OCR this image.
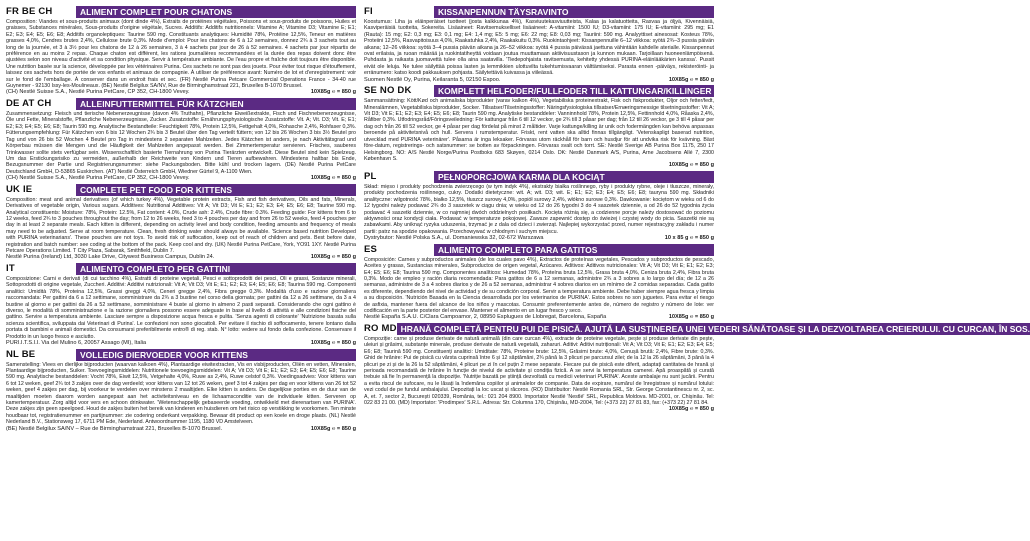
FR BE CH	ALIMENT COMPLET POUR CHATONS
Composition: Viandes et sous-produits animaux (dont dinde 4%), Extraits de protéines végétales, Poissons et sous-produits de poissons, Huiles et graisses, Substances minérales, Sous-produits d'origine végétale, Sucres. Additifs: Additifs nutritionnels: Vitamine A; Vitamine D3; Vitamine E; E1; E2; E3; E4; E5; E6; E8; Additifs organoleptiques: Taurine 590 mg. Constituants analytiques: Humidité 78%, Protéine 12,5%, Teneur en matières grasses 4,0%, Cendres brutes 2,4%, Cellulose brute 0,3%. Mode d'emploi: Pour les chatons de 6 à 12 semaines, donnez 2¾ à 3 sachets tout au long de la journée, et 3 à 3½ pour les chatons de 12 à 26 semaines, 3 à 4 sachets par jour de 26 à 52 semaines. 4 sachets par jour répartis de préférence en au moins 2 repas. Chaque chaton est différent, les rations journalières recommandées et la durée des repas doivent donc être ajustées selon son niveau d'activité et sa condition physique. Servir à température ambiante. De l'eau propre et fraîche doit toujours être disponible. Une nutrition basée sur la science, développée par les vétérinaires Purina. Ces sachets ne sont pas des jouets. Pour éviter tout risque d'étouffement, laissez ces sachets hors de portée de vos enfants et animaux de compagnie. À utiliser de préférence avant: Numéro de lot et d'enregistrement: voir sur le fond de l'emballage. À conserver dans un endroit frais et sec. (FR) Nestlé Purina Petcare Commercial Operations France - 34-40 rue Guynemer - 92130 Issy-les-Moulineaux. (BE) Nestlé Belgilux SA/NV, Rue de Birminghamstraat 221, Bruxelles B-1070 Brussel.
(CH) Nestlé Suisse S.A., Nestlé Purina PetCare, CP 352, CH-1800 Vevey.	10X85g ℮ = 850 g
DE AT CH	ALLEINFUTTERMITTEL FÜR KÄTZCHEN
Zusammensetzung: Fleisch und tierische Nebenerzeugnisse (davon 4% Truthahn), Pflanzliche Eiweißextrakte, Fisch und Fischnebenerzeugnisse, Öle und Fette, Mineralstoffe, Pflanzliche Nebenerzeugnisse, Zucker. Zusatzstoffe: Ernährungsphysiologische Zusatzstoffe: Vit. A; Vit. D3; Vit. E; E1; E2; E3; E4; E5; E6; E8; Taurin 590 mg. Analytische Bestandteile: Feuchtigkeit 78%, Protein 12,5%, Fettgehalt 4,0%, Rohasche 2,4%, Rohfaser 0,3%. Fütterungsempfehlung: Für Kätzchen von 6 bis 12 Wochen 2¾ bis 3 Beutel über den Tag verteilt füttern; von 12 bis 26 Wochen 3 bis 3½ Beutel pro Tag und von 26 bis 52 Wochen 4 Beutel pro Tag in mindestens 2 separaten Mahlzeiten. Jedes Kätzchen ist anders, je nach Aktivitätsgrad und Körperbau müssen die Mengen und die Häufigkeit der Mahlzeiten angepasst werden. Bei Zimmertemperatur servieren. Frisches, sauberes Trinkwasser sollte stets verfügbar sein. Wissenschaftlich basierte Tiernahrung von Purina Tierärzten entwickelt. Diese Beutel sind kein Spielzeug. Um das Erstickungsrisiko zu vermeiden, außerhalb der Reichweite von Kindern und Tieren aufbewahren. Mindestens haltbar bis Ende, Bezugsnummer der Partie und Registrierungsnummer: siehe Packungsboden. Bitte kühl und trocken lagern. (DE) Nestlé Purina PetCare Deutschland GmbH, D-53865 Euskirchen. (AT) Nestlé Österreich GmbH, Wiedner Gürtel 9, A-1100 Wien.
(CH) Nestlé Suisse S.A., Nestlé Purina PetCare, CP 352, CH-1800 Vevey.	10X85g ℮ = 850 g
UK IE	COMPLETE PET FOOD FOR KITTENS
Composition: meat and animal derivatives (of which turkey 4%), Vegetable protein extracts, Fish and fish derivatives, Oils and fats, Minerals, Derivatives of vegetable origin, Various sugars. Additives: Nutritional Additives: Vit A; Vit D3; Vit E; E1; E2; E3; E4; E5; E6; E8; Taurine 590 mg. Analytical constituents: Moisture: 78%, Protein: 12.5%, Fat content: 4.0%, Crude ash: 2.4%, Crude fibre: 0.3%. Feeding guide: For kittens from 6 to 12 weeks, feed 2¾ to 3 pouches throughout the day; from 12 to 26 weeks, feed 3 to 4 pouches per day and from 26 to 52 weeks, feed 4 pouches per day in at least 2 separate meals. Each kitten is different, depending on activity level and body condition, feeding amounts and frequency of meals may need to be adjusted. Serve at room temperature. Clean, fresh drinking water should always be available. 'Science based nutrition Developed with PURINA veterinarians'. These pouches are not toys. To avoid risk of suffocation, keep out of reach of children and pets. Best before date, registration and batch number: see coding at the bottom of the pack. Keep cool and dry. (UK) Nestlé Purina PetCare, York, YO91 1XY. Nestlé Purina Petcare Operations Limited. T City Plaza, Sabarak, Smithfield, Dublin 7.
Nestlé Purina (Ireland) Ltd, 3030 Lake Drive, Citywest Business Campus, Dublin 24.	10X85g ℮ = 850 g
IT	ALIMENTO COMPLETO PER GATTINI
Composizione: Carni e derivati (di cui tacchino 4%), Estratti di proteine vegetali, Pesci e sottoprodotti dei pesci, Oli e grassi, Sostanze minerali, Sottoprodotti di origine vegetale, Zuccheri. Additivi: Additivi nutrizionali: Vit A; Vit D3; Vit E; E1; E2; E3; E4; E5; E6; E8; Taurina 590 mg. Componenti analitici: Umidità 78%, Proteina 12,5%, Grassi greggi 4,0%, Ceneri gregge 2,4%, Fibra gregge 0,3%. Modalità d'uso e razione giornaliera raccomandata: Per gattini da 6 a 12 settimane, somministrare da 2¾ a 3 bustine nel corso della giornata; per gattini da 12 a 26 settimane, da 3 a 4 bustine al giorno e per gattini da 26 a 52 settimane, somministrare 4 buste al giorno in almeno 2 pasti separati. Considerando che ogni gattino è diverso, le modalità di somministrazione e la razione giornaliera possono essere adeguate in base al livello di attività e alle condizioni fisiche del gattino. Servire a temperatura ambiente. Lasciare sempre a disposizione acqua fresca e pulita. 'Senza agenti di colorante' 'Nutrizione basata sulla scienza scientifica, sviluppata dai Veterinari di Purina'. Le confezioni non sono giocattoli. Per evitare il rischio di soffocamento, tenere lontano dalla portata di bambini e animali domestici. Da consumarsi preferibilmente entro® di reg. stab. N° lotto: vedere sul fondo della confezione. Conservare il Prodotto in un luogo fresco e asciutto.
PURI.I.T.S.I.I. Via del Mulino 6, 20057 Assago (MI), Italia	10X85g ℮ = 850 g
NL BE	VOLLEDIG DIERVOEDER VOOR KITTENS
Samenstelling: Vlees en dierlijke bijproducten (waarvan kalkoen 4%), Plantaardige eiwitextracten, Vis en visbijproducten, Oliën en vetten, Mineralen, Plantaardige bijproducten, Suiker. Toevoegingsmiddelen: Nutritionele toevoegingsmiddelen: Vit A; Vit D3; Vit E; E1; E2; E3; E4; E5; E6; E8; Taurine 590 mg. Analytische bestanddelen: Vocht 78%, Eiwit 12,5%, Vetgehalte 4,0%, Ruwe as 2,4%, Ruwe celstof 0,3%. Voedingsadvies: Voor kittens van 6 tot 12 weken, geef 2¾ tot 3 zakjes over de dag verdeeld; voor kittens van 12 tot 26 weken, geef 3 tot 4 zakjes per dag en voor kittens van 26 tot 52 weken, geef 4 zakjes per dag, bij voorkeur te verdelen over minstens 2 maaltijden. Elke kitten is anders. De dagelijkse porties en de duur van de maaltijden moeten daarom worden aangepast aan het activiteitsniveau en de lichaamsconditie van de individuele kitten. Serveren op kamertemperatuur. Zorg altijd voor vers en schoon drinkwater. 'Wetenschappelijk gebaseerde voeding, ontwikkeld met dierenartsen van PURINA'. Deze zakjes zijn geen speelgoed. Houd de zakjes buiten het bereik van kinderen en huisdieren om het risico op verstikking te voorkomen. Ten minste houdbaar tot, registratienummer en partijnummer: zie codering onderkant verpakking. Bewaar dit product op een koele en droge plaats. (NL) Nestlé Nederland B.V., Stationsweg 17, 6711 PM Ede, Nederland. Antwoordnummer 1195, 1180 VD Amstelveen.
(BE) Nestlé Belgilux SA/NV – Rue de Birminghamstraat 221, Bruxelles B-1070 Brussel.	10X85g ℮ = 850 g
FI	KISSANPENNUN TÄYSRAVINTO
Koostumus: Liha ja eläinperäiset tuotteet (josta kalkkunaa 4%), Kasviuutekasviuutteista, Kalaa ja kalatuotteita, Rasvaa ja öljyä, Kivennäisiä, Kasviperäisiä tuotteita, Sokereita. Lisäaineet: Ravitsemukselliset lisäaineet: A-vitamiini: 1500 IU; D3-vitamiini: 175 IU; E-vitamiini: 295 mg; E1 (Rauta): 15 mg; E2: 0,3 mg; E3: 0,1 mg; E4: 1,4 mg; E5: 5 mg; E6: 22 mg; E8: 0,03 mg; Tauriini: 590 mg. Analyyttiset ainesosat: Kosteus 78%, Proteiini 12,5%, Rasvapitoisuus 4,0%, Raakatuhka 2,4%, Raakakuitu 0,3%. Ruokintaohjeet: Kissanpennuille 6–12 viikkoa: syötä 2¾–3 pussia päivän aikana; 12–26 viikkoa: syötä 3–4 pussia päivän aikana ja 26–52 viikkoa: syötä 4 pussia päivässä jaettuna vähintään kahdelle aterialle. Kissanpennut ovat erilaisia, ja ruoan määrää ja ruokintatiheyttä voidaan joutua muuttamaan aktiivisuustason ja kunnon mukaan. Tarjoillaan huoneenlämpöisenä. Puhdasta ja raikasta juomavettä tulee olla aina saatavilla. 'Tiedepohjaista ravitsemusta, kehitetty yhdessä PURINA-eläinlääkärien kanssa'. Pussit eivät ole leluja. Ne tulee säilyttää poissa lasten ja lemmikkien ulottuvilta tukehtumisvaaran välttämiseksi. Parasta ennen -päiväys, rekisteröinti- ja erränumero: katso koodi pakkauksen pohjasta. Säilytettävä kuivassa ja viileässä.
Suomen Nestlé Oy, Purina, Keilaranta 5, 02150 Espoo.	10X85g ℮ = 850 g
SE NO DK	KOMPLETT HELFODER/FULLFODER TILL KATTUNGAR/KILLINGER
Sammansättning: Kött/Kød och animaliska biprodukter (varav kalkon 4%), Vegetabiliska proteinextrakt, Fisk och fiskprodukter, Oljor och fetter/fedt, Mineralämnen, Vegetabiliska biprodukter, Socker. Tillsatser/Tilsetningsstoffer: Näringsfysiologiska tillsatser/Ernæringsmessige tilsetningsstoffer: Vit A; Vit D3; Vit E; E1; E2; E3; E4; E5; E6; E8; Taurin 590 mg. Analytiske bestanddeler: Vanninnhold 78%, Protein 12,5%, Fettinnhold 4,0%, Råaska 2,4%, Råfiber 0,3%. Utfodringsråd/Fôringsveiledning: För kattungar från 6 till 12 veckor, ge 2¾ till 3 påsar per dag; från 12 till 26 veckor, ge 3 till 4 påsar per dag och från 26 till 52 veckor, ge 4 påsar per dag fördelat på minst 2 måltider. Varje kattunge/killing är unik och fodermängden kan behöva anpassas beroende på aktivitetsnivå och hull. Servera i rumstemperatur. Friskt, rent vatten ska alltid finnas tillgängligt. 'Vetenskapligt baserad nutrition, utvecklad med PURINA veterinärer'. Påsarna är inga leksaker. Förvaras utom räckhåll för barn och husdjur för att undvika risk för kvävning. Bäst före-datum, registrerings- och satsnummer: se botten av förpackningen. Förvaras svalt och torrt. SE: Nestlé Sverige AB Purina Box 1175, 250 17 Helsingborg. NO: A/S Nestlé Norge/Purina Postboks 683 Skøyen, 0214 Oslo. DK: Nestlé Danmark A/S, Purina, Arne Jacobsens Allé 7, 2300 København S.
10X85g ℮ = 850 g
PL	PEŁNOPORCJOWA KARMA DLA KOCIĄT
Skład: mięso i produkty pochodzenia zwierzęcego (w tym indyk 4%), ekstrakty białka roślinnego, ryby i produkty rybne, oleje i tłuszcze, minerały, produkty pochodzenia roślinnego, cukry. Dodatki dietetyczne: wit. A; wit. D3; wit. E; E1; E2; E3; E4; E5; E6; E8; tauryna 590 mg. Składniki analityczne: wilgotność 78%, białko 12,5%, tłuszcz surowy 4,0%, popiół surowy 2,4%, włókno surowe 0,3%. Dawkowanie: kociętom w wieku od 6 do 12 tygodni należy podawać 2¾ do 3 saszetek w ciągu dnia; w wieku od 12 do 26 tygodni 3 do 4 saszetek dziennie, a od 26 do 52 tygodnia życia podawać 4 saszetki dziennie, w co najmniej dwóch oddzielnych posiłkach. Kocięta różnią się, a codzienne porcje należy dostosować do poziomu aktywności oraz kondycji ciała. Podawać w temperaturze pokojowej. Zawsze zapewnić dostęp do świeżej i czystej wody do picia. Saszetki nie są zabawkami. Aby uniknąć ryzyka uduszenia, trzymać je z dala od dzieci i zwierząt. Najlepiej wykorzystać przed, numer rejestracyjny zakładu i numer partii: patrz na spodzie opakowania. Przechowywać w chłodnym i suchym miejscu.
Dystrybutor: Nestlé Polska S.A., ul. Domaniewska 32, 02-672 Warszawa	10 x 85 g ℮ = 850 g
ES	ALIMENTO COMPLETO PARA GATITOS
Composición: Carnes y subproductos animales (de los cuales pavo 4%), Extractos de proteínas vegetales, Pescados y subproductos de pescado, Aceites y grasas, Sustancias minerales, Subproductos de origen vegetal, Azúcares. Aditivos: Aditivos nutricionales: Vit A; Vit D3; Vit E; E1; E2; E3; E4; E5; E6; E8; Taurina 590 mg. Componentes analíticos: Humedad 78%, Proteína bruta 12,5%, Grasa bruta 4,0%, Ceniza bruta 2,4%, Fibra bruta 0,3%. Modo de empleo y ración diaria recomendada: Para gatitos de 6 a 12 semanas, administre 2¾ a 3 sobres a lo largo del día; de 12 a 26 semanas, administre de 3 a 4 sobres diarios y de 26 a 52 semanas, administrar 4 sobres diarios en un mínimo de 2 comidas separadas. Cada gatito es diferente, dependiendo del nivel de actividad y de su condición corporal. Servir a temperatura ambiente. Debe haber siempre agua fresca y limpia a su disposición. 'Nutrición Basada en la Ciencia desarrollada por los veterinarios de PURINA'. Estos sobres no son juguetes. Para evitar el riesgo de asfixia, mantener fuera del alcance de los niños y mascotas. Consumir preferentemente antes de, número de registro y número de lote: ver codificación en la parte posterior del envase. Mantener el alimento en un lugar fresco y seco.
Nestlé España S.A.U. C/Clara Campoamor, 2, 08950 Esplugues de Llobregat, Barcelona, España	10X85g ℮ = 850 g
RO MD HRANĂ COMPLETĂ PENTRU PUI DE PISICĂ. AJUTĂ LA SUSȚINEREA UNEI VEDERI SĂNĂTOASE ȘI LA DEZVOLTAREA CREIERULUI. CU CURCAN, ÎN SOS.
Compoziție: carne și produse derivate de natură animală (din care curcan 4%), extracte de proteine vegetale, pește și produse derivate din pește, uleiuri și grăsimi, substanțe minerale, produse derivate de natură vegetală, zaharuri. Aditivi: Aditivi nutriționali: Vit A; Vit D3; Vit E; E1; E2; E3; E4; E5; E6; E8; Taurină 590 mg. Constituenți analitici: Umiditate: 78%, Proteine brute: 12,5%, Grăsimi brute: 4,0%, Cenușă brută: 2,4%, Fibre brute: 0,3%. Ghid de hrănire: Pui de pisică cu vârsta cuprinsă între 6 și 12 săptămâni, 2¾ până la 3 plicuri pe parcursul zilei; de la 12 la 26 săptămâni, 3 până la 4 plicuri pe zi și de la 26 la 52 săptămâni, 4 plicuri pe zi în cel puțin 2 mese separate. Fiecare pui de pisică este diferit, adaptați cantitatea de hrană și perioada recomandată de hrănire în funcție de nivelul de activitate și condiția fizică. A se servi la temperatura camerei. Apă proaspătă și curată trebuie să fie în permanență la dispoziție. 'Nutriție bazată pe știință dezvoltată cu medicii veterinari PURINA'. Aceste ambalaje nu sunt jucării. Pentru a evita riscul de sufocare, nu le lăsați la îndemâna copiilor și animalelor de companie. Data de expirare, numărul de înregistrare și numărul lotului: vezi codul de pe fundul ambalajului. Depozitați la loc uscat și răcoros. (RO) Distribuitor: Nestlé Romania SRL, Str. George Constantinescu nr. 2, sc. A, et. 7, sector 2, București 020339, România, tel.: 021 204 8900. Importator Nestlé 'Nestlé' SRL, Republica Moldova. MD-2001, or. Chișinău. Tel: 022 83 21 00. (MD) Importator: 'Prodimpex' S.R.L. Adresa: Str. Columna 170, Chișinău, MD-2004, Tel: (+373 22) 27 81 83, fax: (+373 22) 27 81 84.
10X85g ℮ = 850 g
